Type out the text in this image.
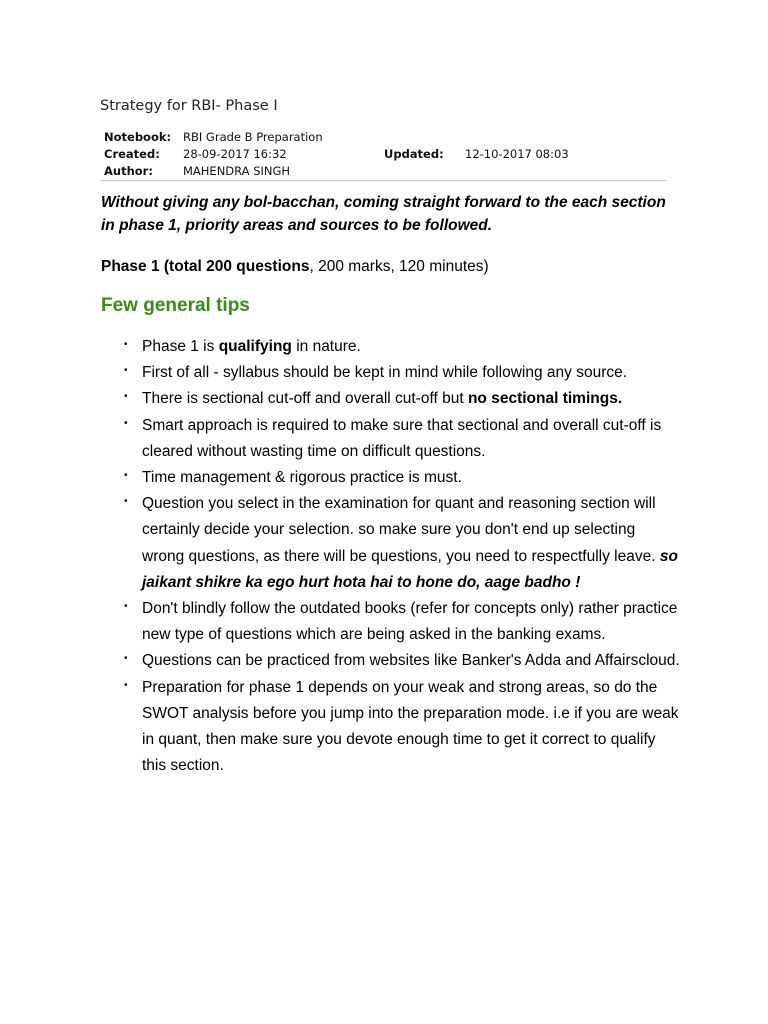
Strategy for RBI- Phase I
Notebook: RBI Grade B Preparation
Created: 28-09-2017 16:32	Updated: 12-10-2017 08:03
Author:	MAHENDRA SINGH

Without giving any bol-bacchan, coming straight forward to the each section in phase 1, priority areas and sources to be followed.

Phase 1 (total 200 questions, 200 marks, 120 minutes)

Few general tips
• Phase 1 is qualifying in nature.
• First of all - syllabus should be kept in mind while following any source.
• There is sectional cut-off and overall cut-off but no sectional timings.
• Smart approach is required to make sure that sectional and overall cut-off is cleared without wasting time on difficult questions.
• Time management & rigorous practice is must.
• Question you select in the examination for quant and reasoning section will certainly decide your selection. so make sure you don't end up selecting wrong questions, as there will be questions, you need to respectfully leave. so jaikant shikre ka ego hurt hota hai to hone do, aage badho !
• Don't blindly follow the outdated books (refer for concepts only) rather practice new type of questions which are being asked in the banking exams.
• Questions can be practiced from websites like Banker's Adda and Affairscloud.
• Preparation for phase 1 depends on your weak and strong areas, so do the SWOT analysis before you jump into the preparation mode. i.e if you are weak in quant, then make sure you devote enough time to get it correct to qualify this section.
